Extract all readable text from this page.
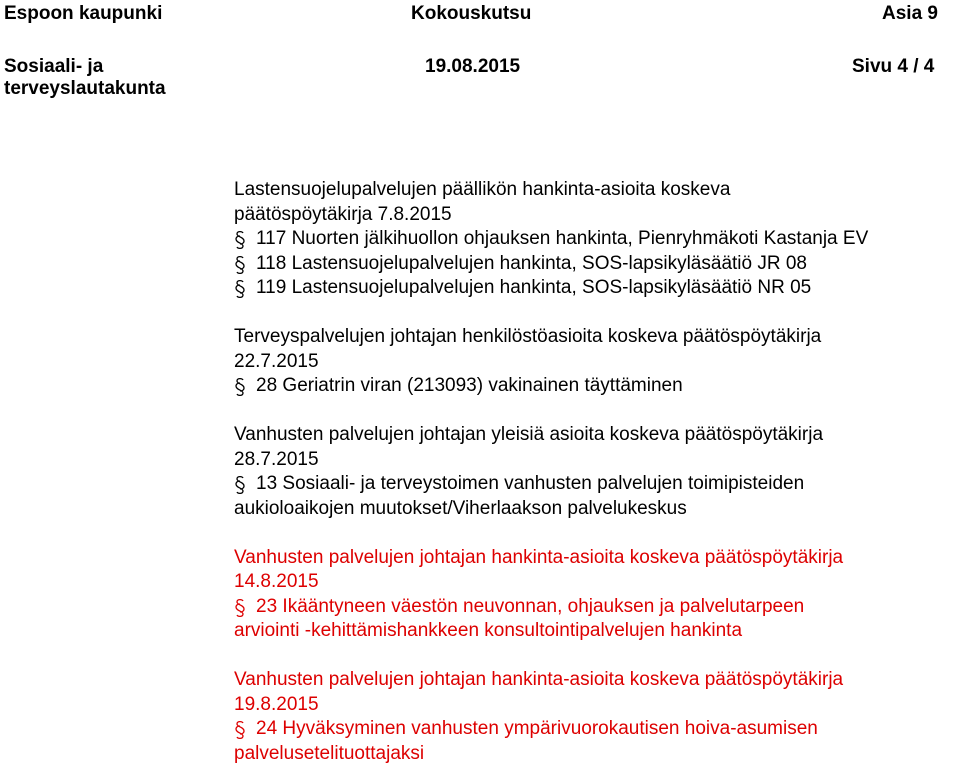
Espoon kaupunki	Kokouskutsu	Asia 9
Sosiaali- ja
terveyslautakunta
19.08.2015	Sivu 4 / 4

Lastensuojelupalvelujen päällikön hankinta-asioita koskeva

päätöspöytäkirja 7.8.2015

117 Nuorten jälkihuollon ohjauksen hankinta, Pienryhmäkoti Kastanja EV

118 Lastensuojelupalvelujen hankinta, SOS-lapsikyläsäätiö JR 08

119 Lastensuojelupalvelujen hankinta, SOS-lapsikyläsäätiö NR 05

Terveyspalvelujen johtajan henkilöstöasioita koskeva päätöspöytäkirja

22.7.2015

28 Geriatrin viran (213093) vakinainen täyttäminen

Vanhusten palvelujen johtajan yleisiä asioita koskeva päätöspöytäkirja

28.7.2015

13 Sosiaali- ja terveystoimen vanhusten palvelujen toimipisteiden

aukioloaikojen muutokset/Viherlaakson palvelukeskus

Vanhusten palvelujen johtajan hankinta-asioita koskeva päätöspöytäkirja

14.8.2015

23 Ikääntyneen väestön neuvonnan, ohjauksen ja palvelutarpeen

arviointi -kehittämishankkeen konsultointipalvelujen hankinta

Vanhusten palvelujen johtajan hankinta-asioita koskeva päätöspöytäkirja

19.8.2015

24 Hyväksyminen vanhusten ympärivuorokautisen hoiva-asumisen

palvelusetelituottajaksi
